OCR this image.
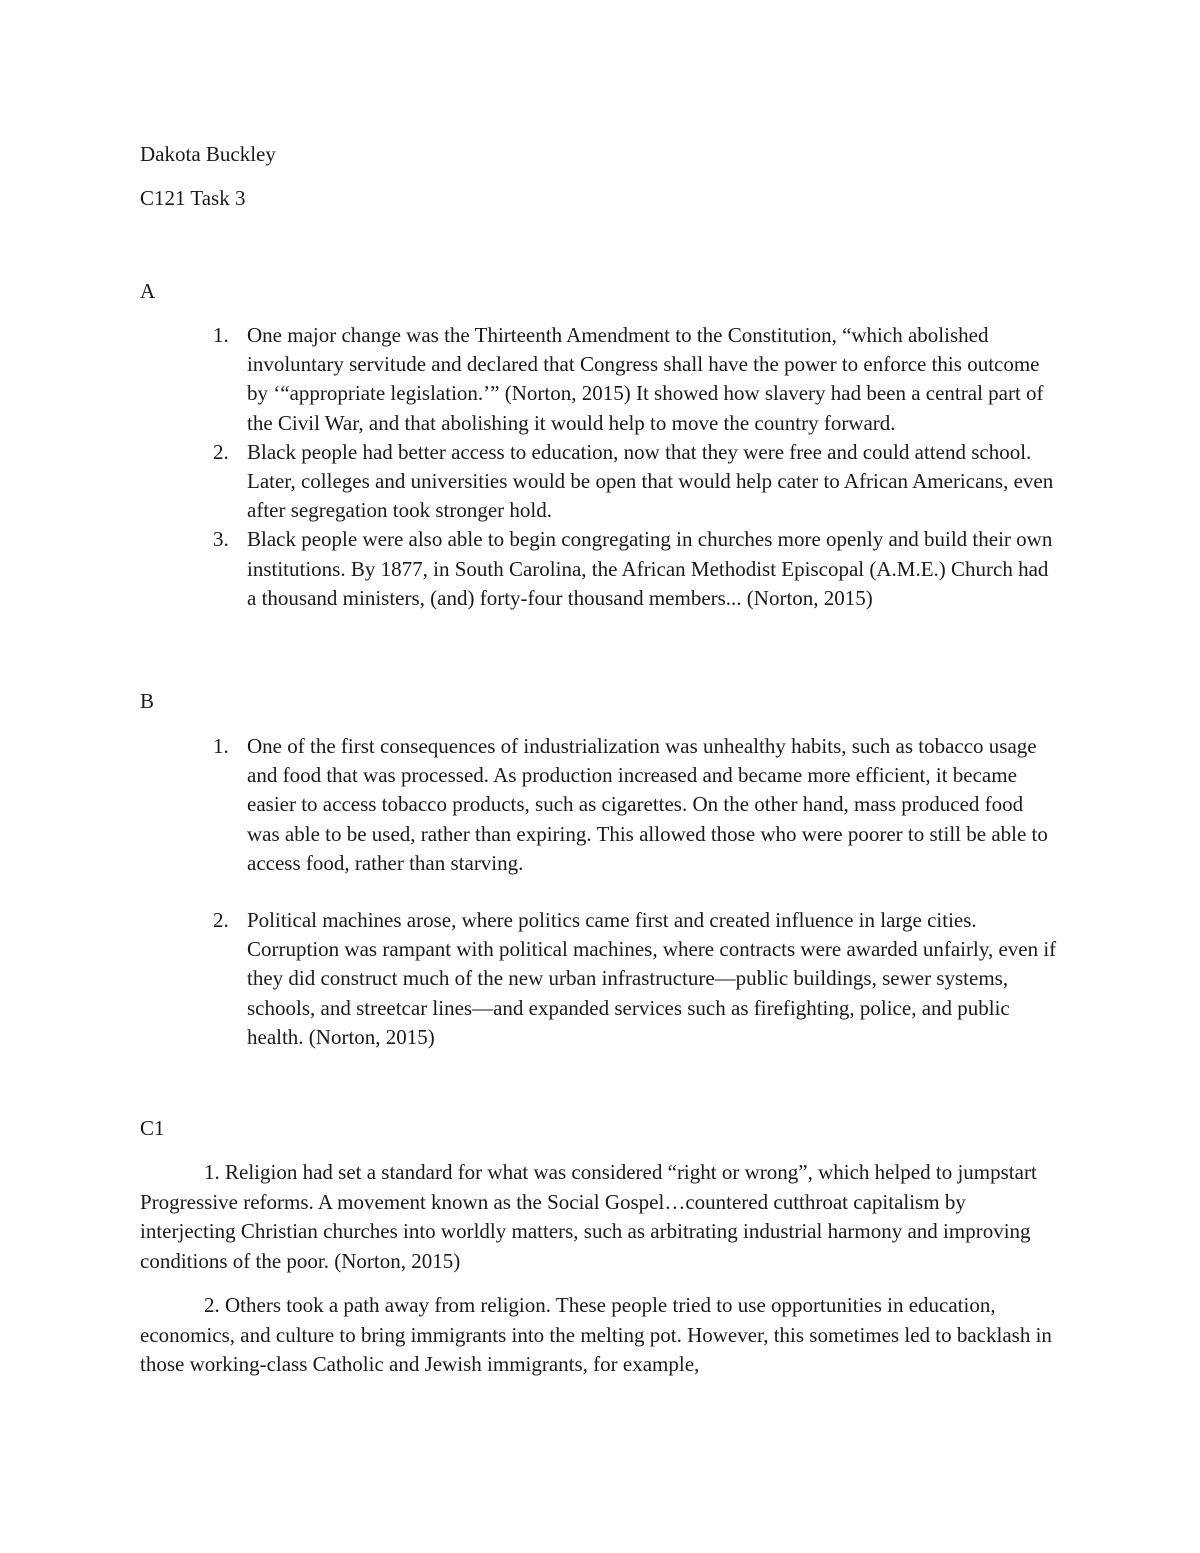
Dakota Buckley

C121 Task 3

A

1. One major change was the Thirteenth Amendment to the Constitution, “which abolished involuntary servitude and declared that Congress shall have the power to enforce this outcome by ‘“appropriate legislation.’” (Norton, 2015) It showed how slavery had been a central part of the Civil War, and that abolishing it would help to move the country forward.
2. Black people had better access to education, now that they were free and could attend school. Later, colleges and universities would be open that would help cater to African Americans, even after segregation took stronger hold.
3. Black people were also able to begin congregating in churches more openly and build their own institutions. By 1877, in South Carolina, the African Methodist Episcopal (A.M.E.) Church had a thousand ministers, (and) forty-four thousand members... (Norton, 2015)

B

1. One of the first consequences of industrialization was unhealthy habits, such as tobacco usage and food that was processed. As production increased and became more efficient, it became easier to access tobacco products, such as cigarettes. On the other hand, mass produced food was able to be used, rather than expiring. This allowed those who were poorer to still be able to access food, rather than starving.
2. Political machines arose, where politics came first and created influence in large cities. Corruption was rampant with political machines, where contracts were awarded unfairly, even if they did construct much of the new urban infrastructure—public buildings, sewer systems, schools, and streetcar lines—and expanded services such as firefighting, police, and public health. (Norton, 2015)

C1

1. Religion had set a standard for what was considered “right or wrong”, which helped to jumpstart Progressive reforms. A movement known as the Social Gospel…countered cutthroat capitalism by interjecting Christian churches into worldly matters, such as arbitrating industrial harmony and improving conditions of the poor. (Norton, 2015)

2. Others took a path away from religion. These people tried to use opportunities in education, economics, and culture to bring immigrants into the melting pot. However, this sometimes led to backlash in those working-class Catholic and Jewish immigrants, for example,
